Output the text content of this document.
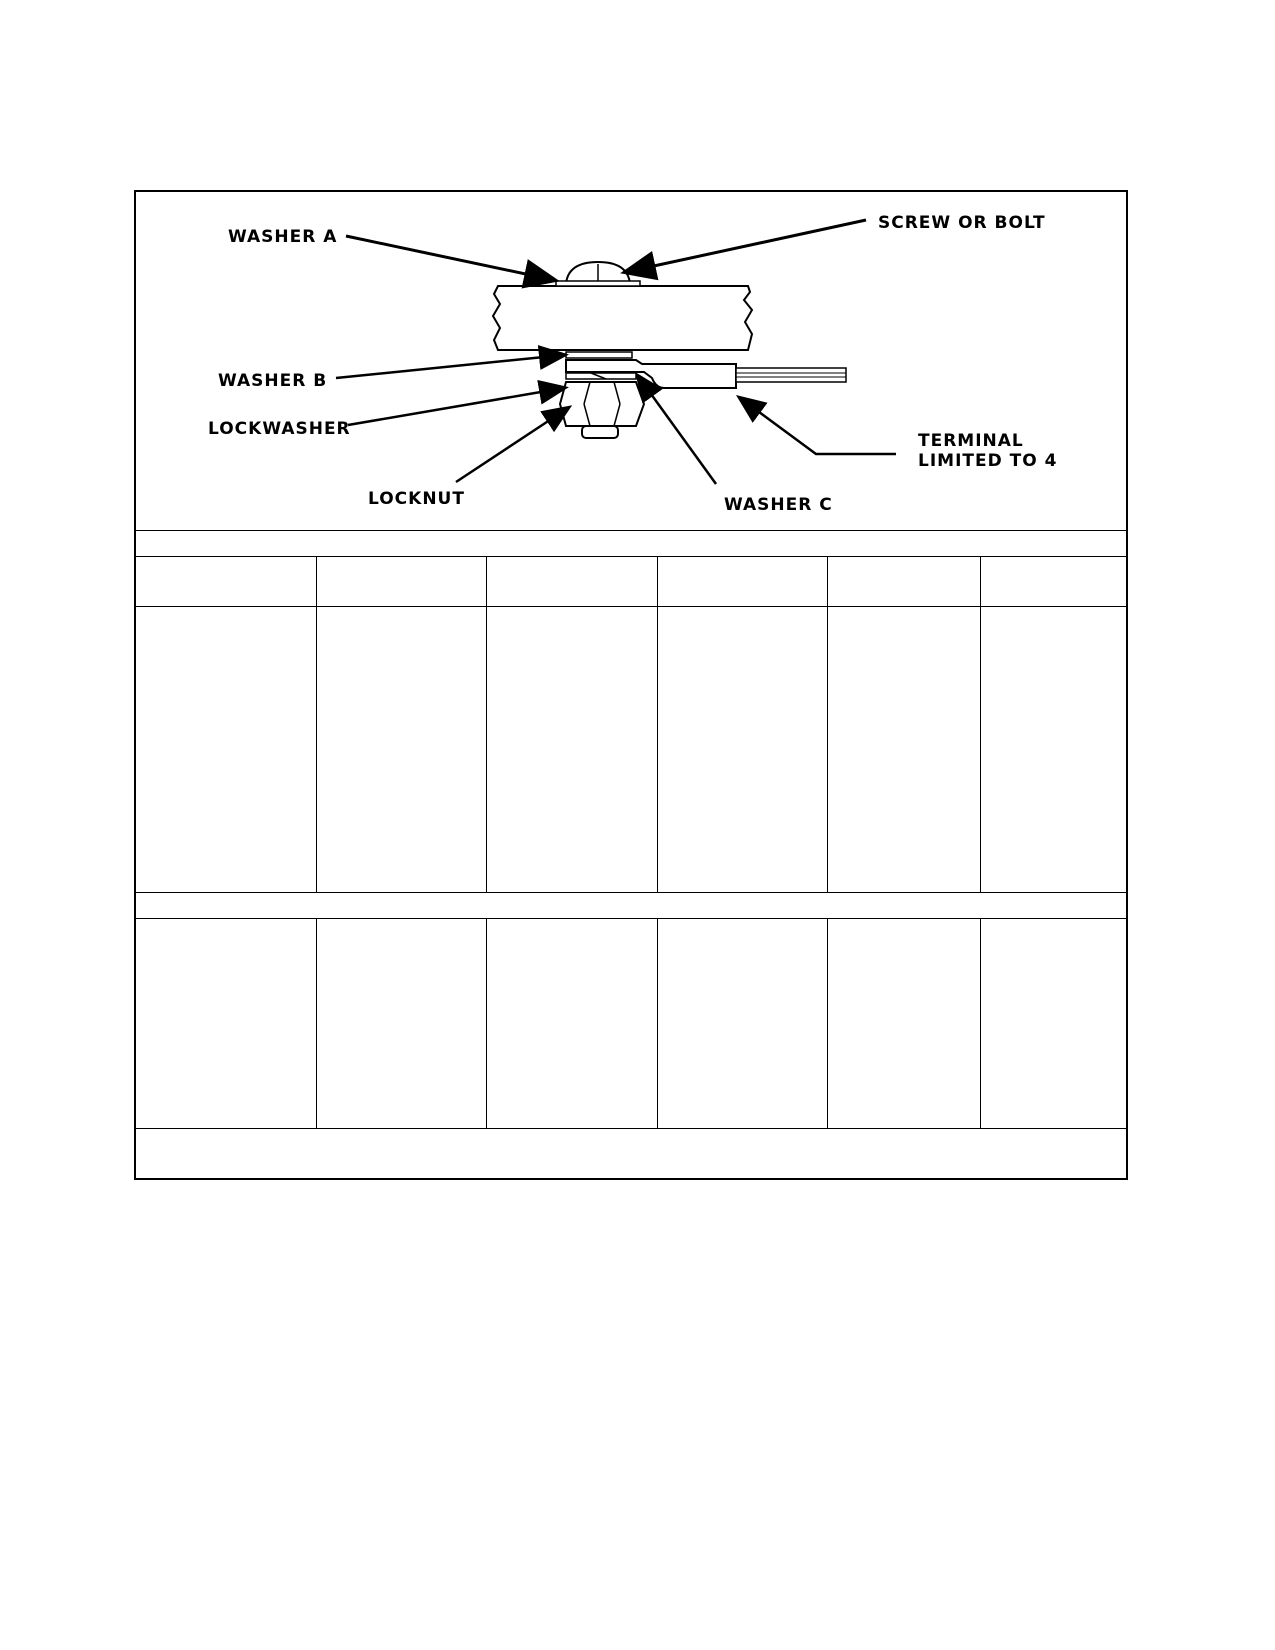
WASHER A
SCREW OR BOLT
WASHER B
LOCKWASHER
LOCKNUT	WASHER C
TERMINAL
LIMITED TO 4
